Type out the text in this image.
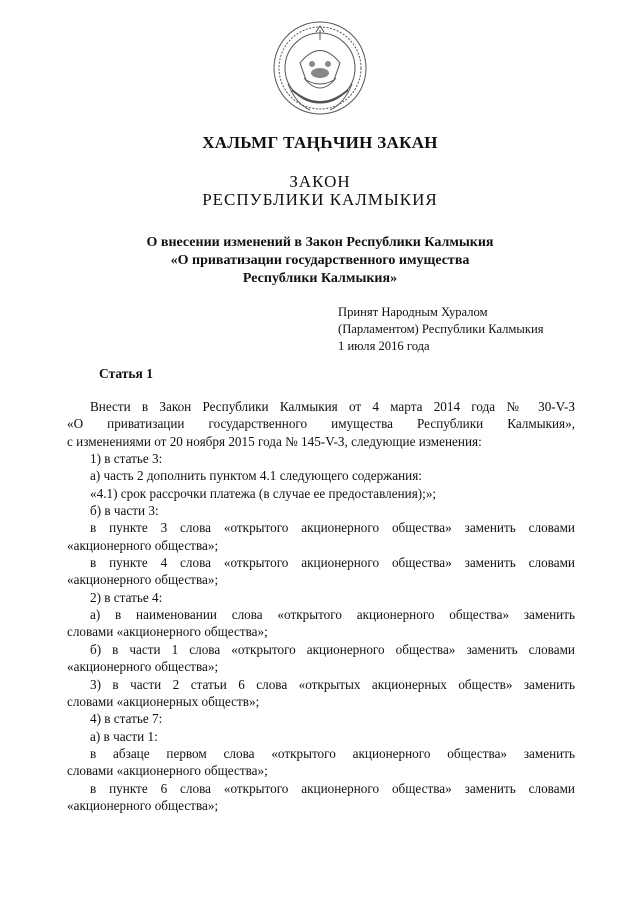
ХАЛЬМГ ТАҢҺЧИН ЗАКАН
ЗАКОН
РЕСПУБЛИКИ КАЛМЫКИЯ
О внесении изменений в Закон Республики Калмыкия
«О приватизации государственного имущества
Республики Калмыкия»
Принят Народным Хуралом
(Парламентом) Республики Калмыкия
1 июля 2016 года
Статья 1

Внести в Закон Республики Калмыкия от 4 марта 2014 года № 30-V-З

«О приватизации государственного имущества Республики Калмыкия»,

с изменениями от 20 ноября 2015 года № 145-V-З, следующие изменения:

1) в статье 3:

а) часть 2 дополнить пунктом 4.1 следующего содержания:

«4.1) срок рассрочки платежа (в случае ее предоставления);»;

б) в части 3:

в пункте 3 слова «открытого акционерного общества» заменить словами

«акционерного общества»;

в пункте 4 слова «открытого акционерного общества» заменить словами

«акционерного общества»;

2) в статье 4:

а) в наименовании слова «открытого акционерного общества» заменить

словами «акционерного общества»;

б) в части 1 слова «открытого акционерного общества» заменить словами

«акционерного общества»;

3) в части 2 статьи 6 слова «открытых акционерных обществ» заменить

словами «акционерных обществ»;

4) в статье 7:

а) в части 1:

в абзаце первом слова «открытого акционерного общества» заменить

словами «акционерного общества»;

в пункте 6 слова «открытого акционерного общества» заменить словами

«акционерного общества»;
